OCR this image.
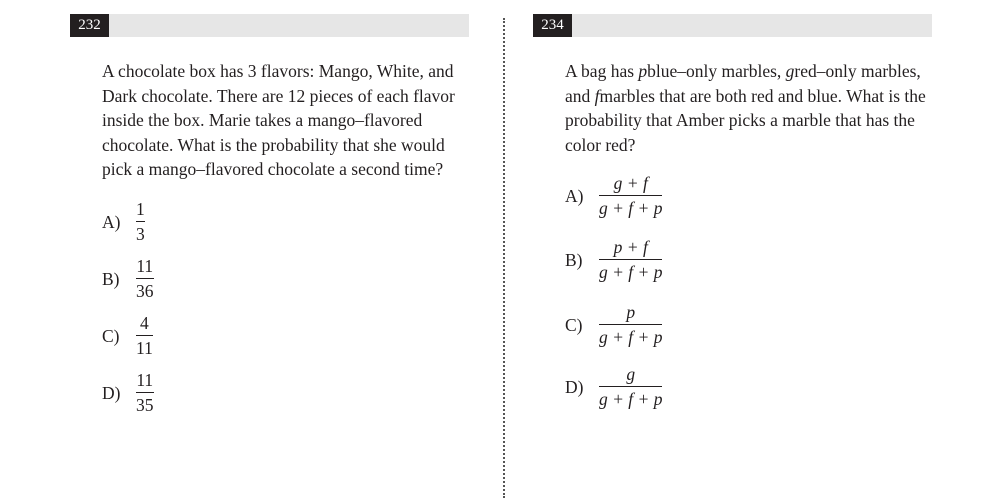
232	234

A chocolate box has 3 flavors: Mango, White, and Dark chocolate. There are 12 pieces of each flavor inside the box. Marie takes a mango–flavored chocolate. What is the probability that she would pick a mango–flavored chocolate a second time?

A)
1
3
B)
11
36
C)
4
11
D)
11
35

A bag has pblue–only marbles, gred–only marbles, and fmarbles that are both red and blue. What is the probability that Amber picks a marble that has the color red?

A)
g + f
g + f + p
B)
p + f
g + f + p
C)
p
g + f + p
D)
g
g + f + p
